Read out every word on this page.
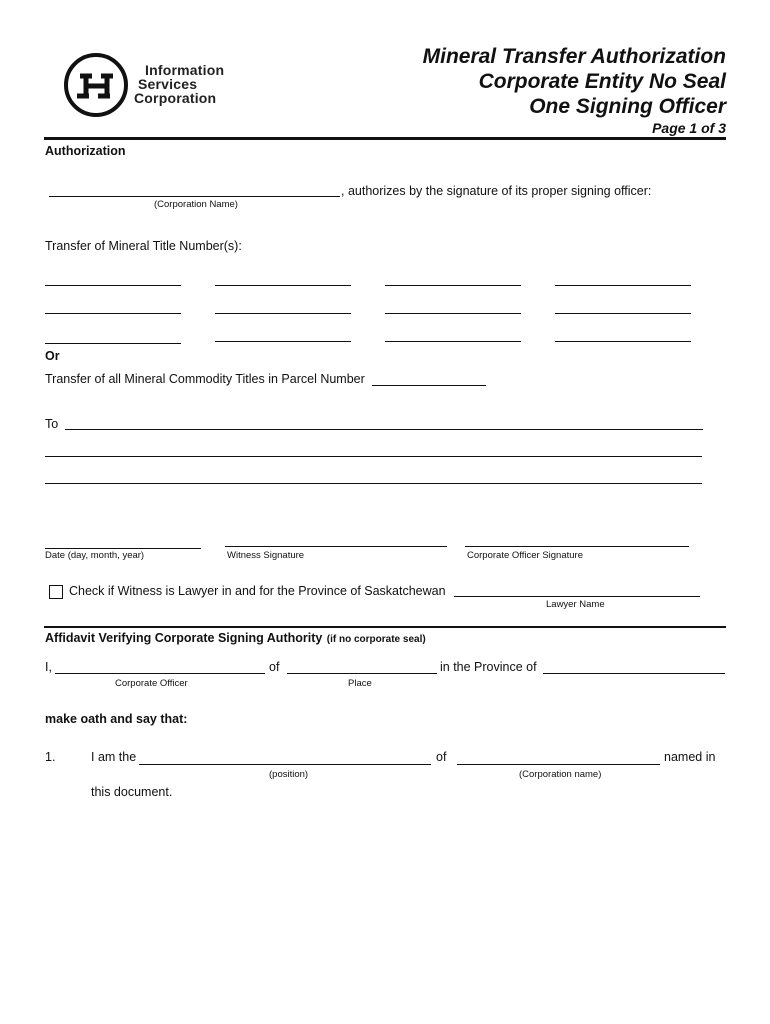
Information
Services
Corporation
Mineral Transfer Authorization
Corporate Entity No Seal
One Signing Officer
Page 1 of 3
Authorization
, authorizes by the signature of its proper signing officer:
(Corporation Name)
Transfer of Mineral Title Number(s):
Or
Transfer of all Mineral Commodity Titles in Parcel Number
To
Date (day, month, year)	Witness Signature	Corporate Officer Signature
Check if Witness is Lawyer in and for the Province of Saskatchewan
Lawyer Name
Affidavit Verifying Corporate Signing Authority (if no corporate seal)
I,	of	in the Province of
Corporate Officer	Place
make oath and say that:
1.	I am the	of	named in
(position)	(Corporation name)
this document.
